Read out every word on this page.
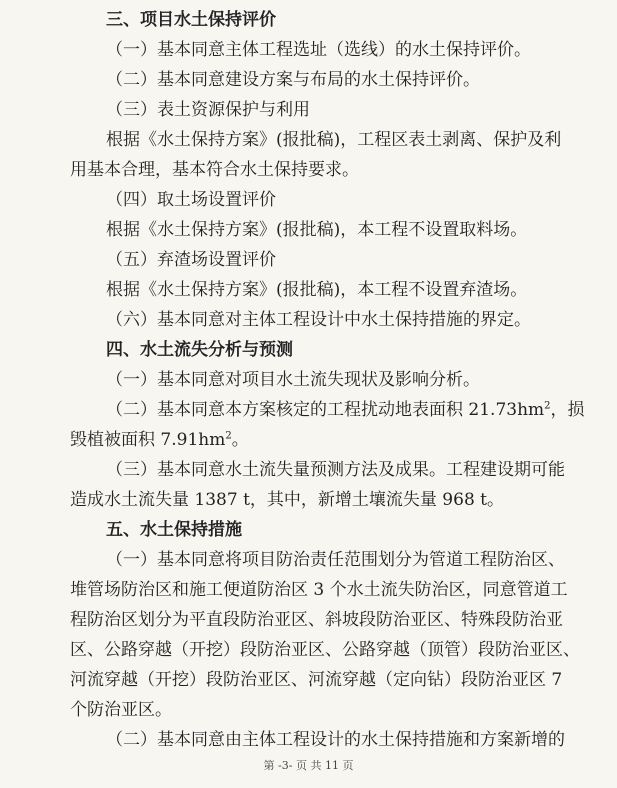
三、项目水土保持评价
（一）基本同意主体工程选址（选线）的水土保持评价。
（二）基本同意建设方案与布局的水土保持评价。
（三）表土资源保护与利用
根据《水土保持方案》(报批稿)，工程区表土剥离、保护及利
用基本合理，基本符合水土保持要求。
（四）取土场设置评价
根据《水土保持方案》(报批稿)，本工程不设置取料场。
（五）弃渣场设置评价
根据《水土保持方案》(报批稿)，本工程不设置弃渣场。
（六）基本同意对主体工程设计中水土保持措施的界定。
四、水土流失分析与预测
（一）基本同意对项目水土流失现状及影响分析。
（二）基本同意本方案核定的工程扰动地表面积 $21.73hm^2$，损
毁植被面积 $7.91hm^2$。
（三）基本同意水土流失量预测方法及成果。工程建设期可能
造成水土流失量 1387 t，其中，新增土壤流失量 968 t。
五、水土保持措施
（一）基本同意将项目防治责任范围划分为管道工程防治区、
堆管场防治区和施工便道防治区 3 个水土流失防治区，同意管道工
程防治区划分为平直段防治亚区、斜坡段防治亚区、特殊段防治亚
区、公路穿越（开挖）段防治亚区、公路穿越（顶管）段防治亚区、
河流穿越（开挖）段防治亚区、河流穿越（定向钻）段防治亚区 7
个防治亚区。
（二）基本同意由主体工程设计的水土保持措施和方案新增的
第 -3- 页 共 11 页
